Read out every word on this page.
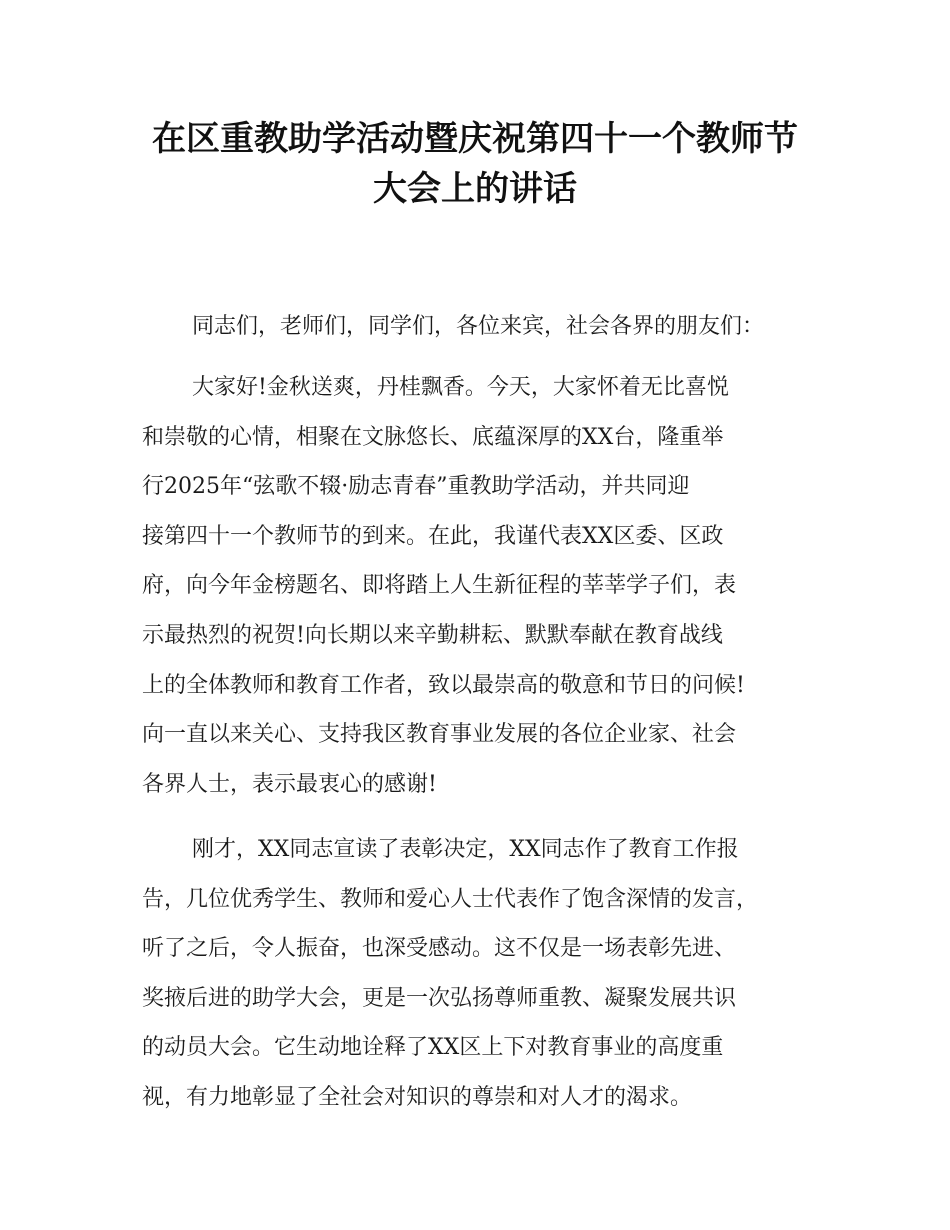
在区重教助学活动暨庆祝第四十一个教师节
大会上的讲话

同志们，老师们，同学们，各位来宾，社会各界的朋友们：

大家好!金秋送爽，丹桂飘香。今天，大家怀着无比喜悦
和崇敬的心情，相聚在文脉悠长、底蕴深厚的XX台，隆重举
行2025年“弦歌不辍·励志青春”重教助学活动，并共同迎
接第四十一个教师节的到来。在此，我谨代表XX区委、区政
府，向今年金榜题名、即将踏上人生新征程的莘莘学子们，表
示最热烈的祝贺!向长期以来辛勤耕耘、默默奉献在教育战线
上的全体教师和教育工作者，致以最崇高的敬意和节日的问候!
向一直以来关心、支持我区教育事业发展的各位企业家、社会
各界人士，表示最衷心的感谢!
刚才，XX同志宣读了表彰决定，XX同志作了教育工作报
告，几位优秀学生、教师和爱心人士代表作了饱含深情的发言，
听了之后，令人振奋，也深受感动。这不仅是一场表彰先进、
奖掖后进的助学大会，更是一次弘扬尊师重教、凝聚发展共识
的动员大会。它生动地诠释了XX区上下对教育事业的高度重
视，有力地彰显了全社会对知识的尊崇和对人才的渴求。
